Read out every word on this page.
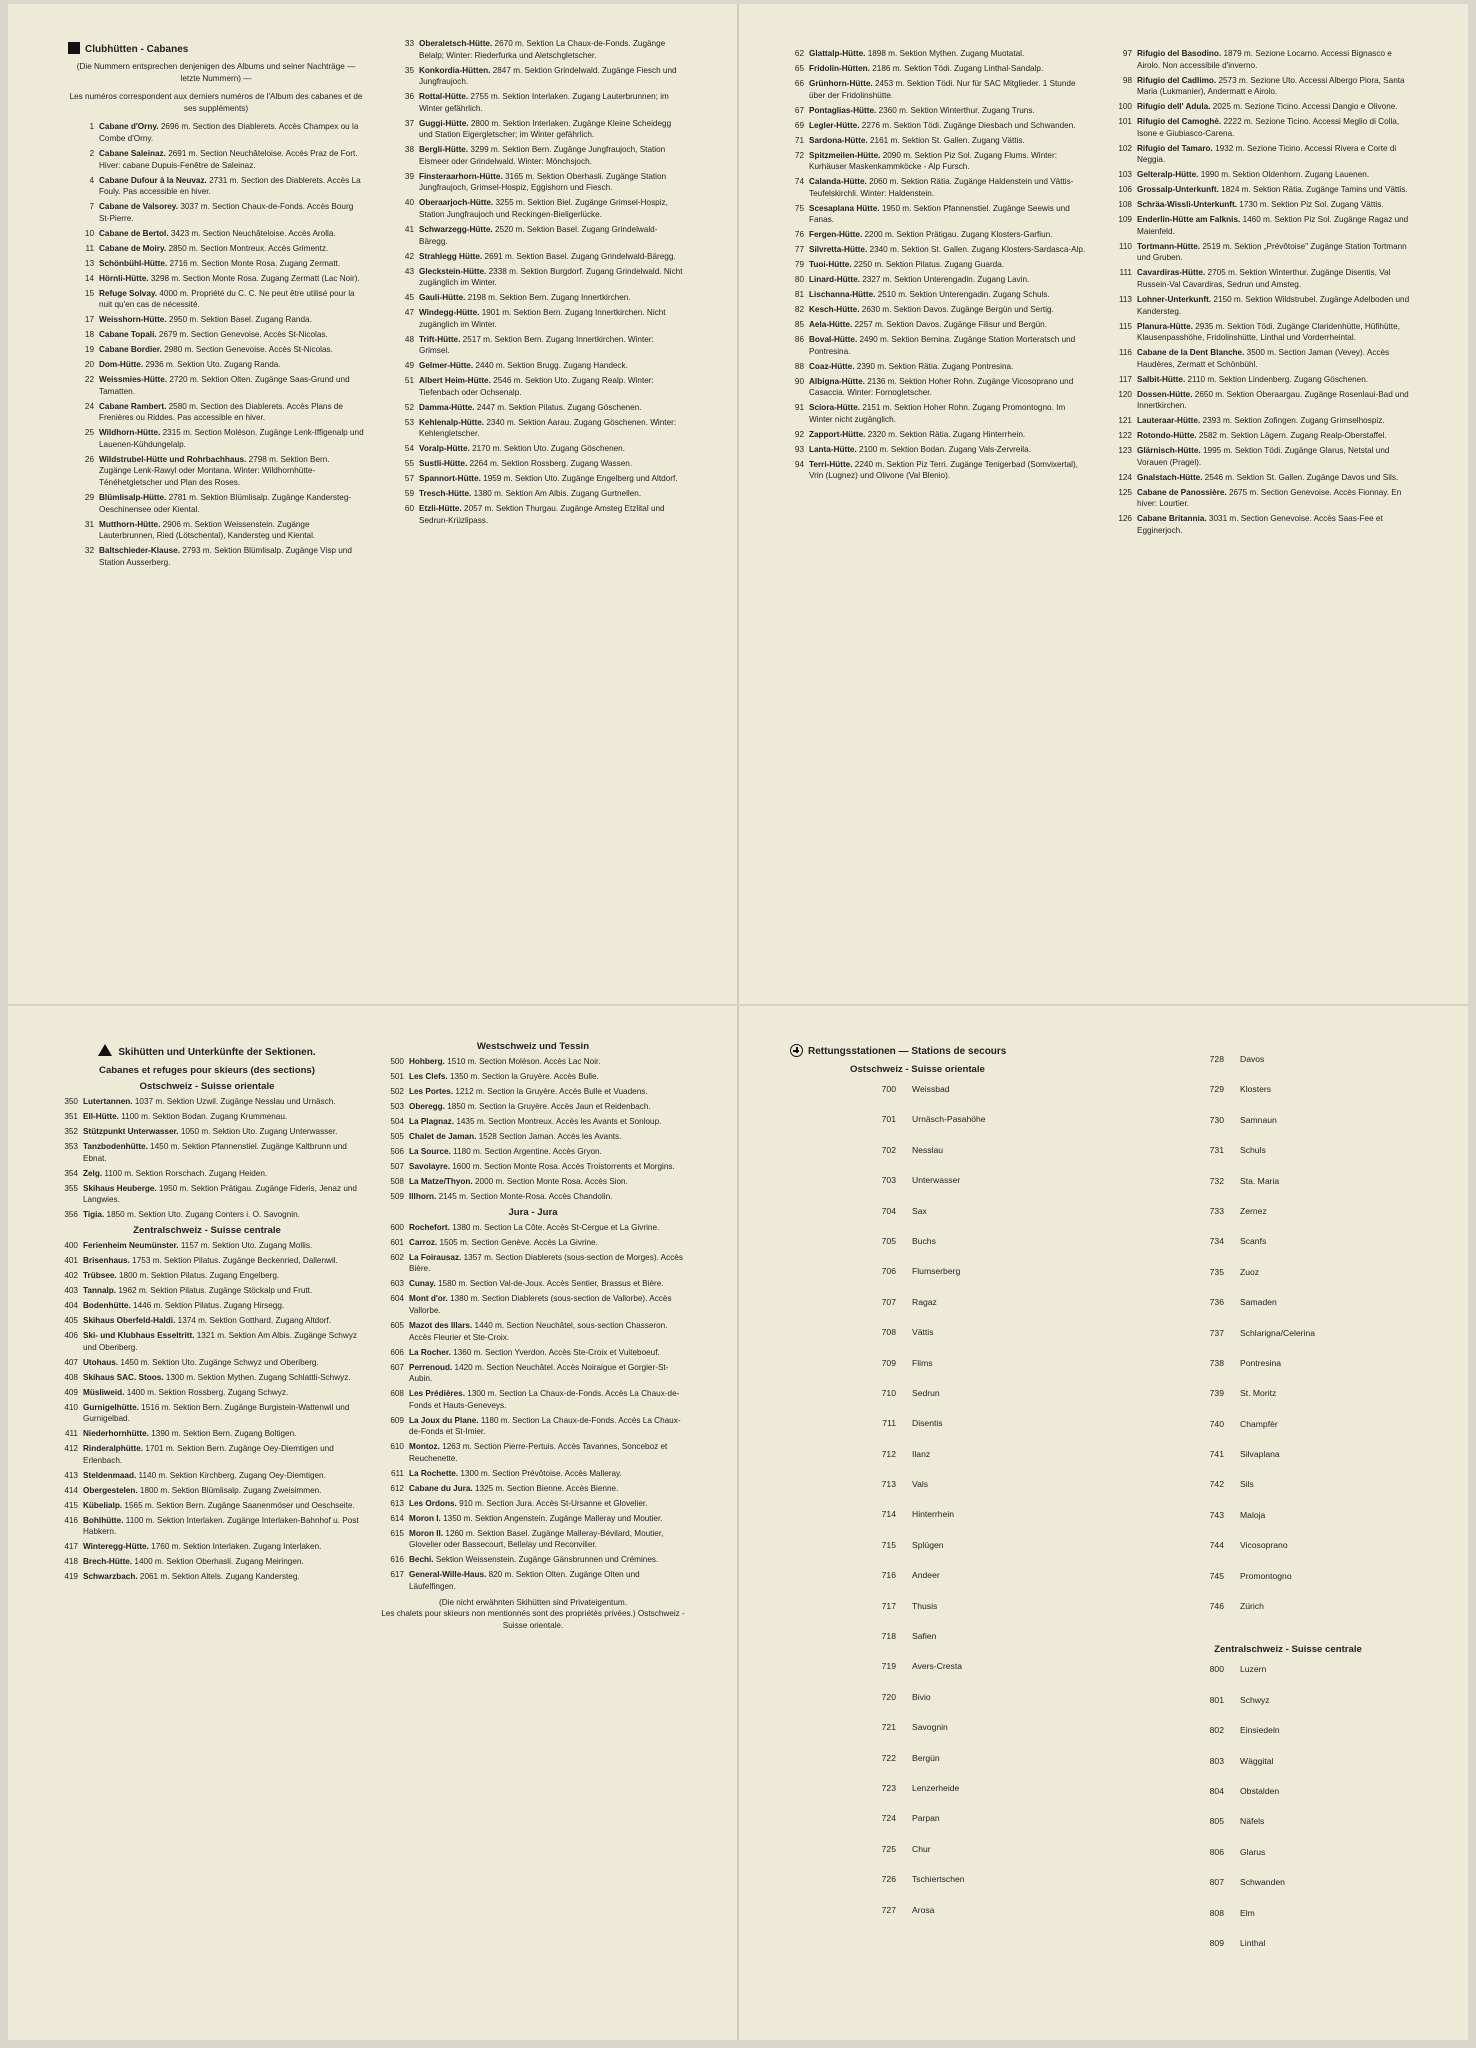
Clubhütten - Cabanes
(Die Nummern entsprechen denjenigen des Albums und seiner Nachträge — letzte Nummern) —
Les numéros correspondent aux derniers numéros de l'Album des cabanes et de ses suppléments)
1 Cabane d'Orny. 2696 m. Section des Diablerets. Accès Champex ou la Combe d'Orny.
2 Cabane Saleinaz. 2691 m. Section Neuchâteloise. Accès Praz de Fort. Hiver: cabane Dupuis-Fenêtre de Saleinaz.
4 Cabane Dufour à la Neuvaz. 2731 m. Section des Diablerets. Accès La Fouly. Pas accessible en hiver.
7 Cabane de Valsorey. 3037 m. Section Chaux-de-Fonds. Accès Bourg St-Pierre.
10 Cabane de Bertol. 3423 m. Section Neuchâteloise. Accès Arolla.
11 Cabane de Moiry. 2850 m. Section Montreux. Accès Grimentz.
13 Schönbühl-Hütte. 2716 m. Section Monte Rosa. Zugang Zermatt.
14 Hörnli-Hütte. 3298 m. Section Monte Rosa. Zugang Zermatt (Lac Noir).
15 Refuge Solvay. 4000 m. Propriété du C. C. Ne peut être utilisé pour la nuit qu'en cas de nécessité.
17 Weisshorn-Hütte. 2950 m. Sektion Basel. Zugang Randa.
18 Cabane Topali. 2679 m. Section Genevoise. Accès St-Nicolas.
19 Cabane Bordier. 2980 m. Section Genevoise. Accès St-Nicolas.
20 Dom-Hütte. 2936 m. Sektion Uto. Zugang Randa.
22 Weissmies-Hütte. 2720 m. Sektion Olten. Zugänge Saas-Grund und Tamatten.
24 Cabane Rambert. 2580 m. Section des Diablerets. Accès Plans de Frenières ou Riddes. Pas accessible en hiver.
25 Wildhorn-Hütte. 2315 m. Section Moléson. Zugänge Lenk-Iffigenalp und Lauenen-Kühdungelalp.
26 Wildstrubel-Hütte und Rohrbachhaus. 2798 m. Sektion Bern. Zugänge Lenk-Rawyl oder Montana. Winter: Wildhornhütte-Ténéhetgletscher und Plan des Roses.
29 Blümlisalp-Hütte. 2781 m. Sektion Blümlisalp. Zugänge Kandersteg-Oeschinensee oder Kiental.
31 Mutthorn-Hütte. 2906 m. Sektion Weissenstein. Zugänge Lauterbrunnen, Ried (Lötschental), Kandersteg und Kiental.
32 Baltschieder-Klause. 2793 m. Sektion Blümlisalp. Zugänge Visp und Station Ausserberg.
33 Oberaletsch-Hütte. 2670 m. Sektion La Chaux-de-Fonds. Zugänge Belalp; Winter: Riederfurka und Aletschgletscher.
35 Konkordia-Hütten. 2847 m. Sektion Grindelwald. Zugänge Fiesch und Jungfraujoch.
36 Rottal-Hütte. 2755 m. Sektion Interlaken. Zugang Lauterbrunnen; im Winter gefährlich.
37 Guggi-Hütte. 2800 m. Sektion Interlaken. Zugänge Kleine Scheidegg und Station Eigergletscher; im Winter gefährlich.
38 Bergli-Hütte. 3299 m. Sektion Bern. Zugänge Jungfraujoch, Station Eismeer oder Grindelwald. Winter: Mönchsjoch.
39 Finsteraarhorn-Hütte. 3165 m. Sektion Oberhasli. Zugänge Station Jungfraujoch, Grimsel-Hospiz, Eggishorn und Fiesch.
40 Oberaarjoch-Hütte. 3255 m. Sektion Biel. Zugänge Grimsel-Hospiz, Station Jungfraujoch und Reckingen-Bieligerlücke.
41 Schwarzegg-Hütte. 2520 m. Sektion Basel. Zugang Grindelwald-Bäregg.
42 Strahlegg Hütte. 2691 m. Sektion Basel. Zugang Grindelwald-Bäregg.
43 Gleckstein-Hütte. 2338 m. Sektion Burgdorf. Zugang Grindelwald. Nicht zugänglich im Winter.
45 Gauli-Hütte. 2198 m. Sektion Bern. Zugang Innertkirchen.
47 Windegg-Hütte. 1901 m. Sektion Bern. Zugang Innertkirchen. Nicht zugänglich im Winter.
48 Trift-Hütte. 2517 m. Sektion Bern. Zugang Innertkirchen. Winter: Grimsel.
49 Gelmer-Hütte. 2440 m. Sektion Brugg. Zugang Handeck.
51 Albert Heim-Hütte. 2546 m. Sektion Uto. Zugang Realp. Winter: Tiefenbach oder Ochsenalp.
52 Damma-Hütte. 2447 m. Sektion Pilatus. Zugang Göschenen.
53 Kehlenalp-Hütte. 2340 m. Sektion Aarau. Zugang Göschenen. Winter: Kehlengletscher.
54 Voralp-Hütte. 2170 m. Sektion Uto. Zugang Göschenen.
55 Sustli-Hütte. 2264 m. Sektion Rossberg. Zugang Wassen.
57 Spannort-Hütte. 1959 m. Sektion Uto. Zugänge Engelberg und Altdorf.
59 Tresch-Hütte. 1380 m. Sektion Am Albis. Zugang Gurtnellen.
60 Etzli-Hütte. 2057 m. Sektion Thurgau. Zugänge Amsteg Etzlital und Sedrun-Krüzlipass.
62 Glattalp-Hütte. 1898 m. Sektion Mythen. Zugang Muotatal.
65 Fridolin-Hütten. 2186 m. Sektion Tödi. Zugang Linthal-Sandalp.
66 Grünhorn-Hütte. 2453 m. Sektion Tödi. Nur für SAC Mitglieder. 1 Stunde über der Fridolinshütte.
67 Pontaglias-Hütte. 2360 m. Sektion Winterthur. Zugang Truns.
69 Legler-Hütte. 2276 m. Sektion Tödi. Zugänge Diesbach und Schwanden.
71 Sardona-Hütte. 2161 m. Sektion St. Gallen. Zugang Vättis.
72 Spitzmeilen-Hütte. 2090 m. Sektion Piz Sol. Zugang Flums. Winter: Kurhäuser Maskenkammköcke - Alp Fursch.
74 Calanda-Hütte. 2060 m. Sektion Rätia. Zugänge Haldenstein und Vättis-Teufelskirchli. Winter: Haldenstein.
75 Scesaplana Hütte. 1950 m. Sektion Pfannenstiel. Zugänge Seewis und Fanas.
76 Fergen-Hütte. 2200 m. Sektion Prätigau. Zugang Klosters-Garfiun.
77 Silvretta-Hütte. 2340 m. Sektion St. Gallen. Zugang Klosters-Sardasca-Alp.
79 Tuoi-Hütte. 2250 m. Sektion Pilatus. Zugang Guarda.
80 Linard-Hütte. 2327 m. Sektion Unterengadin. Zugang Lavin.
81 Lischanna-Hütte. 2510 m. Sektion Unterengadin. Zugang Schuls.
82 Kesch-Hütte. 2630 m. Sektion Davos. Zugänge Bergün und Sertig.
85 Aela-Hütte. 2257 m. Sektion Davos. Zugänge Filisur und Bergün.
86 Boval-Hütte. 2490 m. Sektion Bernina. Zugänge Station Morteratsch und Pontresina.
88 Coaz-Hütte. 2390 m. Sektion Rätia. Zugang Pontresina.
90 Albigna-Hütte. 2136 m. Sektion Hoher Rohn. Zugänge Vicosoprano und Casaccia. Winter: Fornogletscher.
91 Sciora-Hütte. 2151 m. Sektion Hoher Rohn. Zugang Promontogno. Im Winter nicht zugänglich.
92 Zapport-Hütte. 2320 m. Sektion Rätia. Zugang Hinterrhein.
93 Lanta-Hütte. 2100 m. Sektion Bodan. Zugang Vals-Zervreila.
94 Terri-Hütte. 2240 m. Sektion Piz Terri. Zugänge Tenigerbad (Somvixertal), Vrin (Lugnez) und Olivone (Val Blenio).
97 Rifugio del Basodino. 1879 m. Sezione Locarno. Accessi Bignasco e Airolo. Non accessibile d'inverno.
98 Rifugio del Cadlimo. 2573 m. Sezione Uto. Accessi Albergo Piora, Santa Maria (Lukmanier), Andermatt e Airolo.
100 Rifugio dell' Adula. 2025 m. Sezione Ticino. Accessi Dangio e Olivone.
101 Rifugio del Camoghè. 2222 m. Sezione Ticino. Accessi Meglio di Colla, Isone e Giubiasco-Carena.
102 Rifugio del Tamaro. 1932 m. Sezione Ticino. Accessi Rivera e Corte di Neggia.
103 Gelteralp-Hütte. 1990 m. Sektion Oldenhorn. Zugang Lauenen.
106 Grossalp-Unterkunft. 1824 m. Sektion Rätia. Zugänge Tamins und Vättis.
108 Schräa-Wissli-Unterkunft. 1730 m. Sektion Piz Sol. Zugang Vättis.
109 Enderlin-Hütte am Falknis. 1460 m. Sektion Piz Sol. Zugänge Ragaz und Maienfeld.
110 Tortmann-Hütte. 2519 m. Sektion „Prévôtoise" Zugänge Station Tortmann und Gruben.
111 Cavardiras-Hütte. 2705 m. Sektion Winterthur. Zugänge Disentis, Val Russein-Val Cavardiras, Sedrun und Amsteg.
113 Lohner-Unterkunft. 2150 m. Sektion Wildstrubel. Zugänge Adelboden und Kandersteg.
115 Planura-Hütte. 2935 m. Sektion Tödi. Zugänge Claridenhütte, Hüfihütte, Klausenpasshöhe, Fridolinshütte, Linthal und Vorderrheintal.
116 Cabane de la Dent Blanche. 3500 m. Section Jaman (Vevey). Accès Haudères, Zermatt et Schönbühl.
117 Salbit-Hütte. 2110 m. Sektion Lindenberg. Zugang Göschenen.
120 Dossen-Hütte. 2650 m. Sektion Oberaargau. Zugänge Rosenlaui-Bad und Innertkirchen.
121 Lauteraar-Hütte. 2393 m. Sektion Zofingen. Zugang Grimselhospiz.
122 Rotondo-Hütte. 2582 m. Sektion Lägern. Zugang Realp-Oberstaffel.
123 Glärnisch-Hütte. 1995 m. Sektion Tödi. Zugänge Glarus, Netstal und Vorauen (Pragel).
124 Gnalstach-Hütte. 2546 m. Sektion St. Gallen. Zugänge Davos und Sils.
125 Cabane de Panossière. 2675 m. Section Genevoise. Accès Fionnay. En hiver: Lourtier.
126 Cabane Britannia. 3031 m. Section Genevoise. Accès Saas-Fee et Egginerjoch.
Skihütten und Unterkünfte der Sektionen.
Cabanes et refuges pour skieurs (des sections)
Ostschweiz - Suisse orientale
350 Lutertannen. 1037 m. Sektion Uzwil. Zugänge Nesslau und Urnäsch.
351 Ell-Hütte. 1100 m. Sektion Bodan. Zugang Krummenau.
352 Stützpunkt Unterwasser. 1050 m. Sektion Uto. Zugang Unterwasser.
353 Tanzbodenhütte. 1450 m. Sektion Pfannenstiel. Zugänge Kaltbrunn und Ebnat.
354 Zelg. 1100 m. Sektion Rorschach. Zugang Heiden.
355 Skihaus Heuberge. 1950 m. Sektion Prätigau. Zugänge Fideris, Jenaz und Langwies.
356 Tigia. 1850 m. Sektion Uto. Zugang Conters i. O. Savognin.
Zentralschweiz - Suisse centrale
400 Ferienheim Neumünster. 1157 m. Sektion Uto. Zugang Mollis.
401 Brisenhaus. 1753 m. Sektion Pilatus. Zugänge Beckenried, Dallenwil.
402 Trübsee. 1800 m. Sektion Pilatus. Zugang Engelberg.
403 Tannalp. 1962 m. Sektion Pilatus. Zugänge Stöckalp und Frutt.
404 Bodenhütte. 1446 m. Sektion Pilatus. Zugang Hirsegg.
405 Skihaus Oberfeld-Haldi. 1374 m. Sektion Gotthard. Zugang Altdorf.
406 Ski- und Klubhaus Esseltritt. 1321 m. Sektion Am Albis. Zugänge Schwyz und Oberiberg.
407 Utohaus. 1450 m. Sektion Uto. Zugänge Schwyz und Oberiberg.
408 Skihaus SAC. Stoos. 1300 m. Sektion Mythen. Zugang Schlattli-Schwyz.
409 Müsliweid. 1400 m. Sektion Rossberg. Zugang Schwyz.
410 Gurnigelhütte. 1516 m. Sektion Bern. Zugänge Burgistein-Wattenwil und Gurnigelbad.
411 Niederhornhütte. 1390 m. Sektion Bern. Zugang Boltigen.
412 Rinderalphütte. 1701 m. Sektion Bern. Zugänge Oey-Diemtigen und Erlenbach.
413 Steldenmaad. 1140 m. Sektion Kirchberg. Zugang Oey-Diemtigen.
414 Obergestelen. 1800 m. Sektion Blümlisalp. Zugang Zweisimmen.
415 Kübelialp. 1565 m. Sektion Bern. Zugänge Saanenmöser und Oeschseite.
416 Bohlhütte. 1100 m. Sektion Interlaken. Zugänge Interlaken-Bahnhof u. Post Habkern.
417 Winteregg-Hütte. 1760 m. Sektion Interlaken. Zugang Interlaken.
418 Brech-Hütte. 1400 m. Sektion Oberhasli. Zugang Meiringen.
419 Schwarzbach. 2061 m. Sektion Altels. Zugang Kandersteg.
Westschweiz und Tessin
500 Hohberg. 1510 m. Section Moléson. Accès Lac Noir.
501 Les Clefs. 1350 m. Section la Gruyère. Accès Bulle.
502 Les Portes. 1212 m. Section la Gruyère. Accès Bulle et Vuadens.
503 Oberegg. 1850 m. Section la Gruyère. Accès Jaun et Reidenbach.
504 La Plagnaz. 1435 m. Section Montreux. Accès les Avants et Sonloup.
505 Chalet de Jaman. 1528 Section Jaman. Accès les Avants.
506 La Source. 1180 m. Section Argentine. Accès Gryon.
507 Savolayre. 1600 m. Section Monte Rosa. Accès Troistorrents et Morgins.
508 La Matze/Thyon. 2000 m. Section Monte Rosa. Accès Sion.
509 Illhorn. 2145 m. Section Monte-Rosa. Accès Chandolin.
Jura - Jura
600 Rochefort. 1380 m. Section La Côte. Accès St-Cergue et La Givrine.
601 Carroz. 1505 m. Section Genève. Accès La Givrine.
602 La Foirausaz. 1357 m. Section Diablerets (sous-section de Morges). Accès Bière.
603 Cunay. 1580 m. Section Val-de-Joux. Accès Sentier, Brassus et Bière.
604 Mont d'or. 1380 m. Section Diablerets (sous-section de Vallorbe). Accès Vallorbe.
605 Mazot des Illars. 1440 m. Section Neuchâtel, sous-section Chasseron. Accès Fleurier et Ste-Croix.
606 La Rocher. 1360 m. Section Yverdon. Accès Ste-Croix et Vuiteboeuf.
607 Perrenoud. 1420 m. Section Neuchâtel. Accès Noiraigue et Gorgier-St-Aubin.
608 Les Prédières. 1300 m. Section La Chaux-de-Fonds. Accès La Chaux-de-Fonds et Hauts-Geneveys.
609 La Joux du Plane. 1180 m. Section La Chaux-de-Fonds. Accès La Chaux-de-Fonds et St-Imier.
610 Montoz. 1263 m. Section Pierre-Pertuis. Accès Tavannes, Sonceboz et Reuchenette.
611 La Rochette. 1300 m. Section Prévôtoise. Accès Malleray.
612 Cabane du Jura. 1325 m. Section Bienne. Accès Bienne.
613 Les Ordons. 910 m. Section Jura. Accès St-Ursanne et Glovelier.
614 Moron I. 1350 m. Sektion Angenstein. Zugänge Malleray und Moutier.
615 Moron II. 1260 m. Sektion Basel. Zugänge Malleray-Bévilard, Moutier, Glovelier oder Bassecourt, Bellelay und Reconvilier.
616 Bechi. Sektion Weissenstein. Zugänge Gänsbrunnen und Crémines.
617 General-Wille-Haus. 820 m. Sektion Olten. Zugänge Olten und Läufelfingen.
(Die nicht erwähnten Skihütten sind Privateigentum.
Les chalets pour skieurs non mentionnés sont des propriétés privées.) Ostschweiz - Suisse orientale.
Rettungsstationen — Stations de secours
Ostschweiz - Suisse orientale
700	Weissbad
701	Urnäsch-Pasahöhe
702	Nesslau
703	Unterwasser
704	Sax
705	Buchs
706	Flumserberg
707	Ragaz
708	Vättis
709	Flims
710	Sedrun
711	Disentis
712	Ilanz
713	Vals
714	Hinterrhein
715	Splügen
716	Andeer
717	Thusis
718	Safien
719	Avers-Cresta
720	Bivio
721	Savognin
722	Bergün
723	Lenzerheide
724	Parpan
725	Chur
726	Tschiertschen
727	Arosa
728	Davos
729	Klosters
730	Samnaun
731	Schuls
732	Sta. Maria
733	Zernez
734	Scanfs
735	Zuoz
736	Samaden
737	Schlarigna/Celerina
738	Pontresina
739	St. Moritz
740	Champfèr
741	Silvaplana
742	Sils
743	Maloja
744	Vicosoprano
745	Promontogno
746	Zürich
Zentralschweiz - Suisse centrale
800	Luzern
801	Schwyz
802	Einsiedeln
803	Wäggital
804	Obstalden
805	Näfels
806	Glarus
807	Schwanden
808	Elm
809	Linthal
